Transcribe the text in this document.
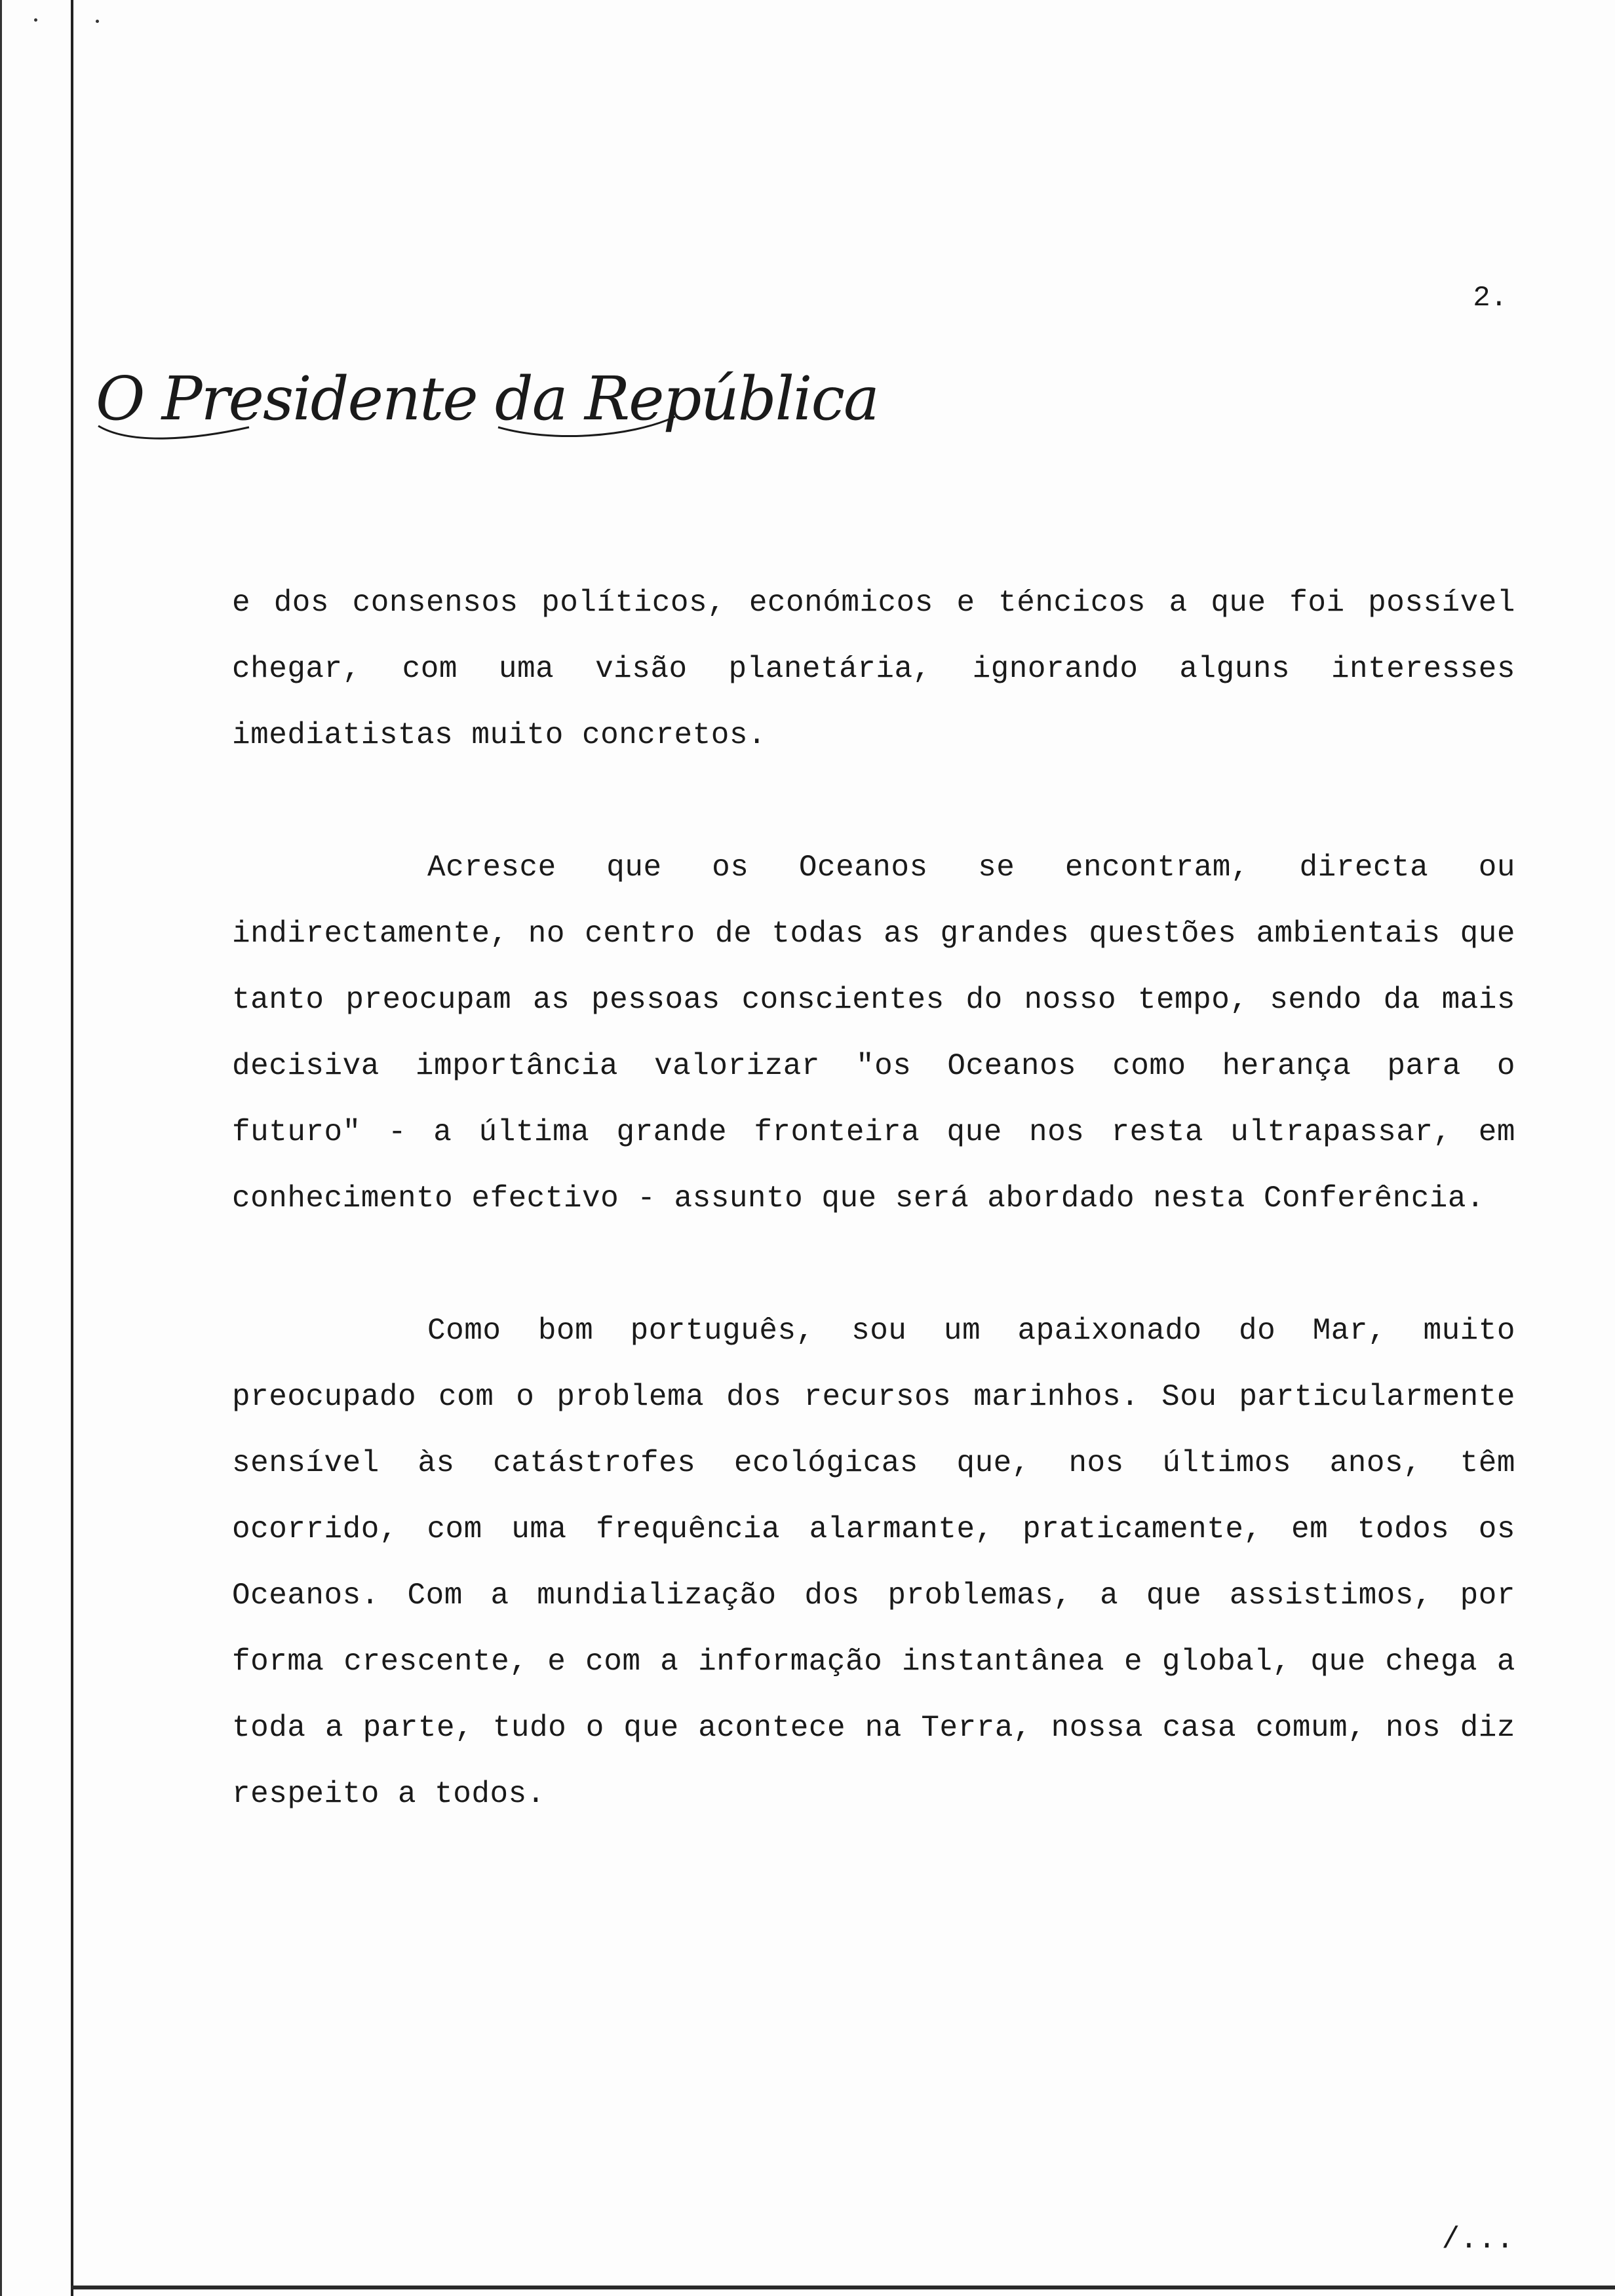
2.
O Presidente da República

e dos consensos políticos, económicos e téncicos a que foi possível chegar, com uma visão planetária, ignorando alguns interesses imediatistas muito concretos.

Acresce que os Oceanos se encontram, directa ou indirectamente, no centro de todas as grandes questões ambientais que tanto preocupam as pessoas conscientes do nosso tempo, sendo da mais decisiva importância valorizar "os Oceanos como herança para o futuro" - a última grande fronteira que nos resta ultrapassar, em conhecimento efectivo - assunto que será abordado nesta Conferência.

Como bom português, sou um apaixonado do Mar, muito preocupado com o problema dos recursos marinhos. Sou particularmente sensível às catástrofes ecológicas que, nos últimos anos, têm ocorrido, com uma frequência alarmante, praticamente, em todos os Oceanos. Com a mundialização dos problemas, a que assistimos, por forma crescente, e com a informação instantânea e global, que chega a toda a parte, tudo o que acontece na Terra, nossa casa comum, nos diz respeito a todos.

/...
